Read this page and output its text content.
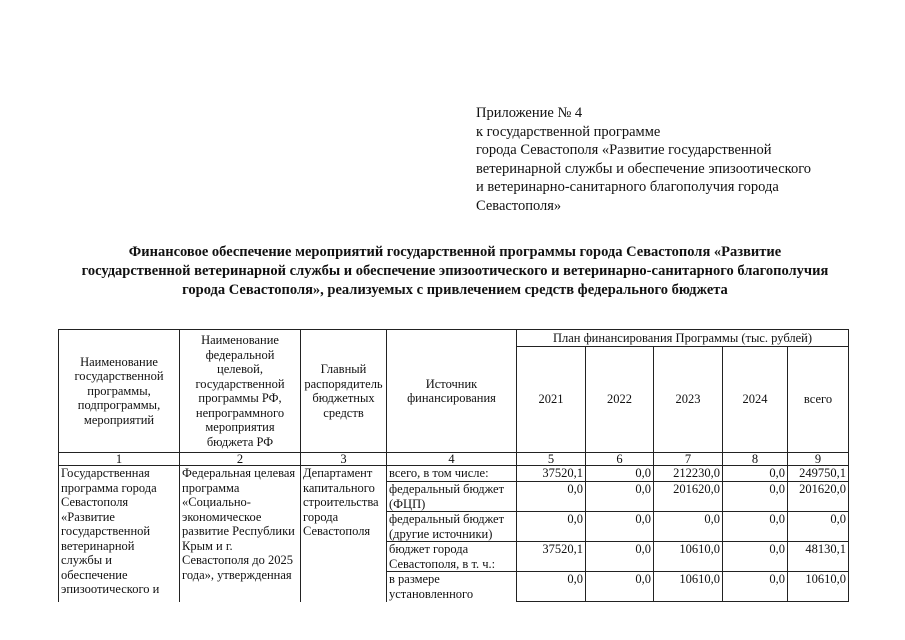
Приложение № 4
к государственной программе
города Севастополя «Развитие государственной
ветеринарной службы и обеспечение эпизоотического
и ветеринарно-санитарного благополучия города
Севастополя»
Финансовое обеспечение мероприятий государственной программы города Севастополя «Развитие
государственной ветеринарной службы и обеспечение эпизоотического и ветеринарно-санитарного благополучия
города Севастополя», реализуемых с привлечением средств федерального бюджета
Наименование государственной программы, подпрограммы, мероприятий	Наименование федеральной целевой, государственной программы РФ, непрограммного мероприятия бюджета РФ	Главный распорядитель бюджетных средств	Источник финансирования	План финансирования Программы (тыс. рублей)				
				2021	2022	2023	2024	всего
1	2	3	4	5	6	7	8	9
Государственная программа города Севастополя «Развитие государственной ветеринарной службы и обеспечение эпизоотического и	Федеральная целевая программа «Социально-экономическое развитие Республики Крым и г. Севастополя до 2025 года», утвержденная	Департамент капитального строительства города Севастополя	всего, в том числе:	37520,1	0,0	212230,0	0,0	249750,1
			федеральный бюджет (ФЦП)	0,0	0,0	201620,0	0,0	201620,0
			федеральный бюджет (другие источники)	0,0	0,0	0,0	0,0	0,0
			бюджет города Севастополя, в т. ч.:	37520,1	0,0	10610,0	0,0	48130,1
			в размере установленного	0,0	0,0	10610,0	0,0	10610,0
